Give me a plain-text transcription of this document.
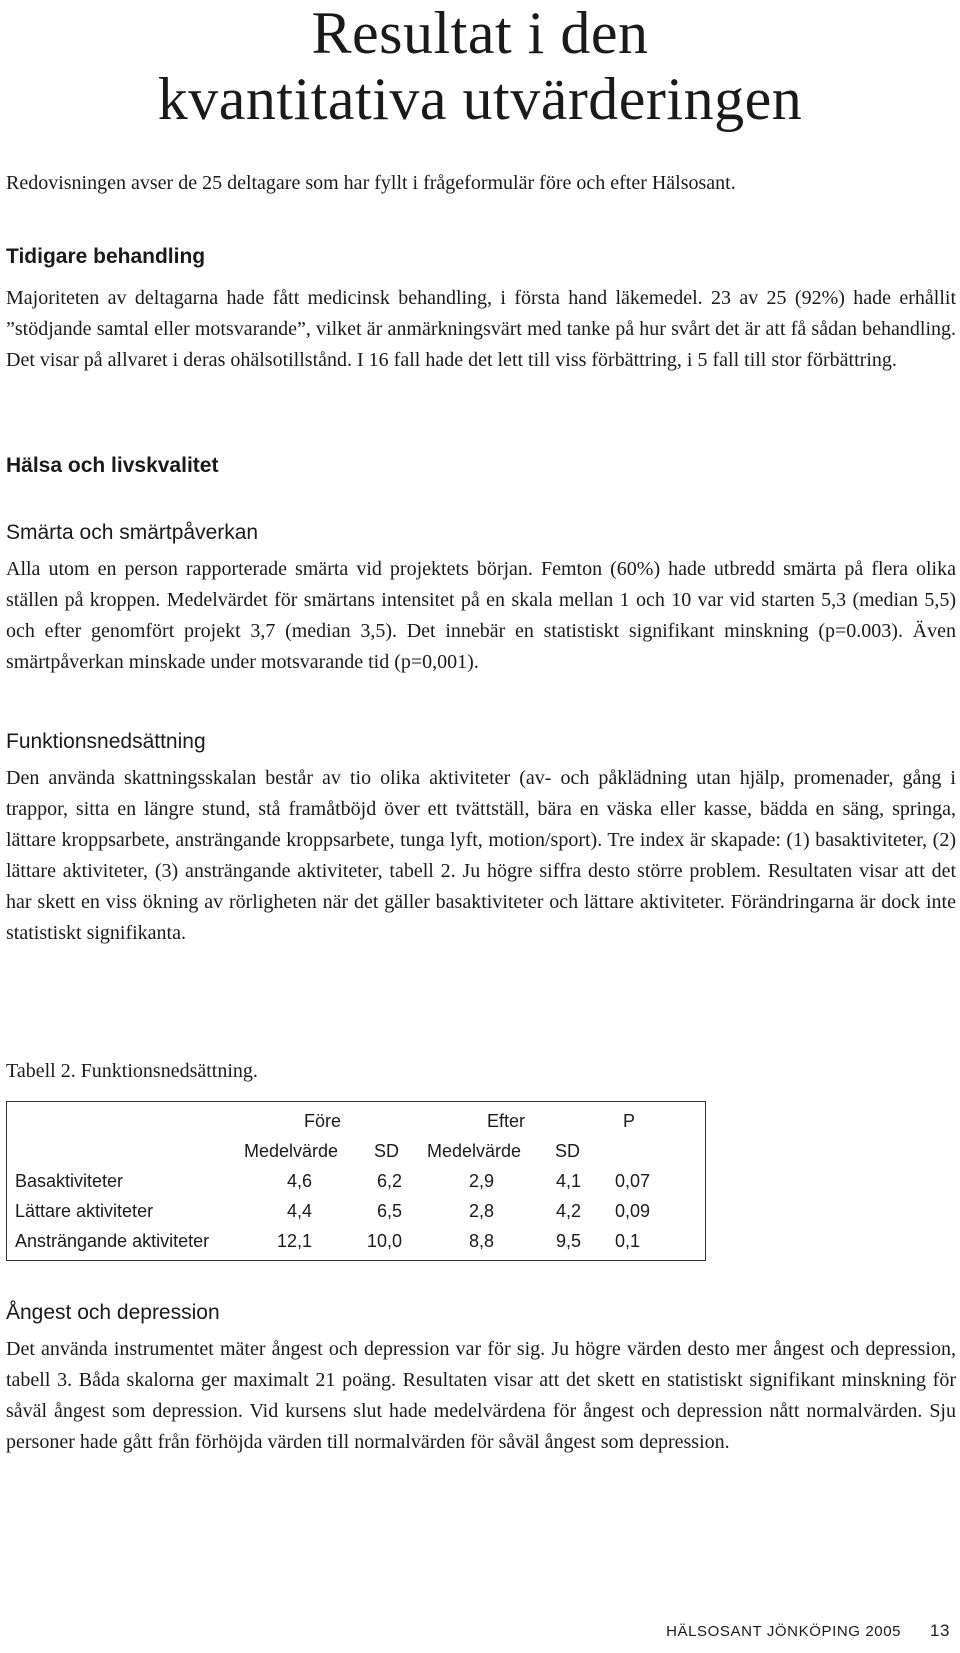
Resultat i den
kvantitativa utvärderingen

Redovisningen avser de 25 deltagare som har fyllt i frågeformulär före och efter Hälsosant.

Tidigare behandling

Majoriteten av deltagarna hade fått medicinsk behandling, i första hand läkemedel. 23 av 25 (92%) hade erhållit ”stödjande samtal eller motsvarande”, vilket är anmärkningsvärt med tanke på hur svårt det är att få sådan behandling. Det visar på allvaret i deras ohälsotillstånd. I 16 fall hade det lett till viss förbättring, i 5 fall till stor förbättring.

Hälsa och livskvalitet
Smärta och smärtpåverkan

Alla utom en person rapporterade smärta vid projektets början. Femton (60%) hade utbredd smärta på flera olika ställen på kroppen. Medelvärdet för smärtans intensitet på en skala mellan 1 och 10 var vid starten 5,3 (median 5,5) och efter genomfört projekt 3,7 (median 3,5). Det innebär en statistiskt signifikant minskning (p=0.003). Även smärtpåverkan minskade under motsvarande tid (p=0,001).

Funktionsnedsättning

Den använda skattningsskalan består av tio olika aktiviteter (av- och påklädning utan hjälp, promenader, gång i trappor, sitta en längre stund, stå framåtböjd över ett tvättställ, bära en väska eller kasse, bädda en säng, springa, lättare kroppsarbete, ansträngande kroppsarbete, tunga lyft, motion/sport). Tre index är skapade: (1) basaktiviteter, (2) lättare aktiviteter, (3) ansträngande aktiviteter, tabell 2. Ju högre siffra desto större problem. Resultaten visar att det har skett en viss ökning av rörligheten när det gäller basaktiviteter och lättare aktiviteter. Förändringarna är dock inte statistiskt signifikanta.

Tabell 2. Funktionsnedsättning.

Före	Efter	P
Medelvärde SD Medelvärde SD
Basaktiviteter	4,6	6,2	2,9	4,1 0,07
Lättare aktiviteter	4,4	6,5	2,8	4,2 0,09
Ansträngande aktiviteter	12,1	10,0	8,8	9,5 0,1
Ångest och depression

Det använda instrumentet mäter ångest och depression var för sig. Ju högre värden desto mer ångest och depression, tabell 3. Båda skalorna ger maximalt 21 poäng. Resultaten visar att det skett en statistiskt signifikant minskning för såväl ångest som depression. Vid kursens slut hade medelvärdena för ångest och depression nått normalvärden. Sju personer hade gått från förhöjda värden till normalvärden för såväl ångest som depression.

HÄLSOSANT JÖNKÖPING 2005 13
